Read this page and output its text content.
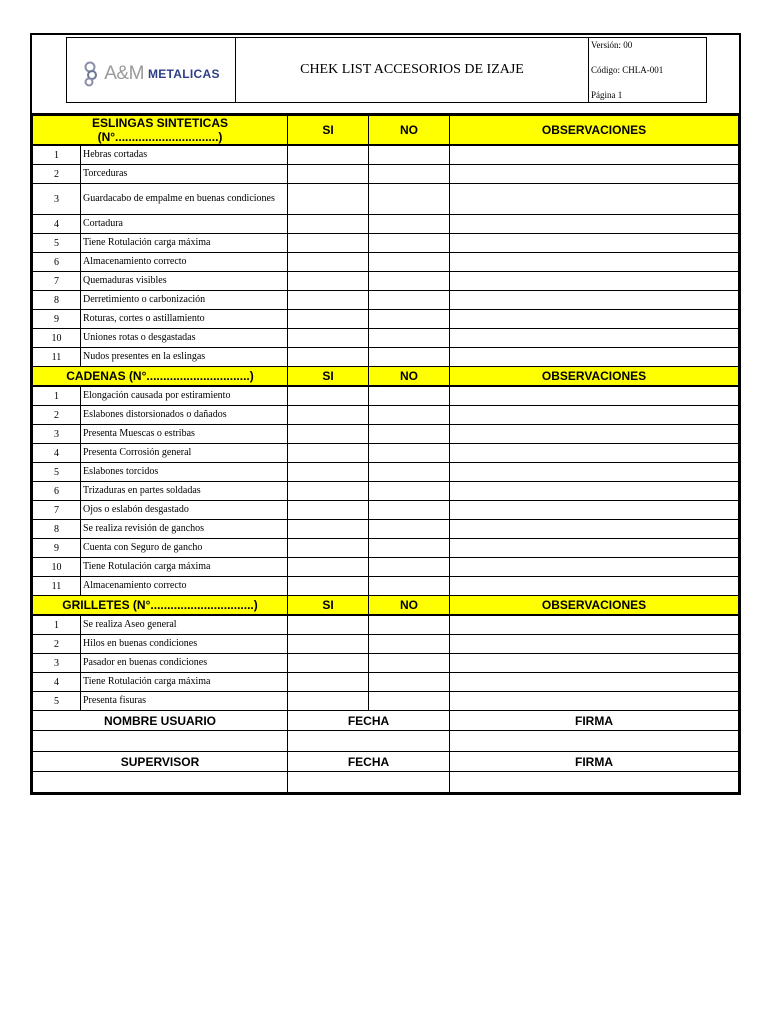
A&M METALICAS	CHEK LIST ACCESORIOS DE IZAJE
Versión: 00
Código: CHLA-001
Página 1
ESLINGAS SINTETICAS (N°...............................)		SI	NO	OBSERVACIONES
1	Hebras cortadas			
2	Torceduras			
3	Guardacabo de empalme en buenas condiciones			
4	Cortadura			
5	Tiene Rotulación carga máxima			
6	Almacenamiento correcto			
7	Quemaduras visibles			
8	Derretimiento o carbonización			
9	Roturas, cortes o astillamiento			
10	Uniones rotas o desgastadas			
11	Nudos presentes en la eslingas			
CADENAS (N°...............................)		SI	NO	OBSERVACIONES
1	Elongación causada por estiramiento			
2	Eslabones distorsionados o dañados			
3	Presenta Muescas o estribas			
4	Presenta Corrosión general			
5	Eslabones torcidos			
6	Trizaduras en partes soldadas			
7	Ojos o eslabón desgastado			
8	Se realiza revisión de ganchos			
9	Cuenta con Seguro de gancho			
10	Tiene Rotulación carga máxima			
11	Almacenamiento correcto			
GRILLETES (N°...............................)		SI	NO	OBSERVACIONES
1	Se realiza Aseo general			
2	Hilos en buenas condiciones			
3	Pasador en buenas condiciones			
4	Tiene Rotulación carga máxima			
5	Presenta fisuras			
NOMBRE USUARIO		FECHA		FIRMA

SUPERVISOR		FECHA		FIRMA
